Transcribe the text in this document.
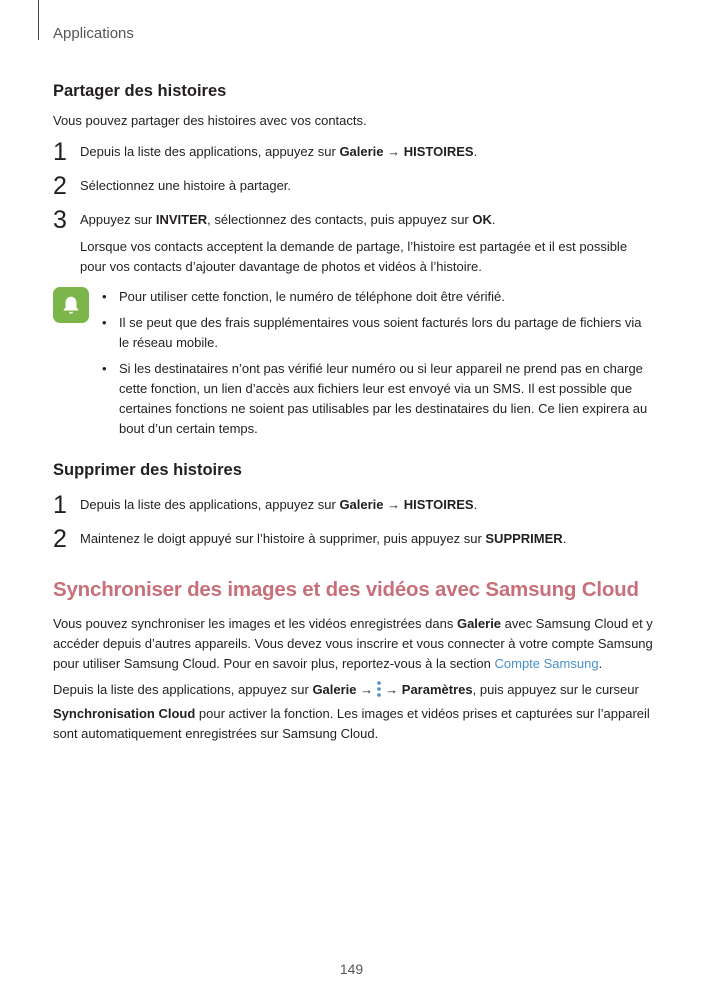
Applications
Partager des histoires

Vous pouvez partager des histoires avec vos contacts.

1	Depuis la liste des applications, appuyez sur Galerie → HISTOIRES.
2	Sélectionnez une histoire à partager.
3	Appuyez sur INVITER, sélectionnez des contacts, puis appuyez sur OK.

Lorsque vos contacts acceptent la demande de partage, l’histoire est partagée et il est possible pour vos contacts d’ajouter davantage de photos et vidéos à l’histoire.

• Pour utiliser cette fonction, le numéro de téléphone doit être vérifié.
• Il se peut que des frais supplémentaires vous soient facturés lors du partage de fichiers via le réseau mobile.
• Si les destinataires n’ont pas vérifié leur numéro ou si leur appareil ne prend pas en charge cette fonction, un lien d’accès aux fichiers leur est envoyé via un SMS. Il est possible que certaines fonctions ne soient pas utilisables par les destinataires du lien. Ce lien expirera au bout d’un certain temps.
Supprimer des histoires
1	Depuis la liste des applications, appuyez sur Galerie → HISTOIRES.
2	Maintenez le doigt appuyé sur l’histoire à supprimer, puis appuyez sur SUPPRIMER.
Synchroniser des images et des vidéos avec Samsung Cloud

Vous pouvez synchroniser les images et les vidéos enregistrées dans Galerie avec Samsung Cloud et y accéder depuis d’autres appareils. Vous devez vous inscrire et vous connecter à votre compte Samsung pour utiliser Samsung Cloud. Pour en savoir plus, reportez-vous à la section Compte Samsung.

Depuis la liste des applications, appuyez sur Galerie → → Paramètres, puis appuyez sur le curseur Synchronisation Cloud pour activer la fonction. Les images et vidéos prises et capturées sur l’appareil sont automatiquement enregistrées sur Samsung Cloud.

149
